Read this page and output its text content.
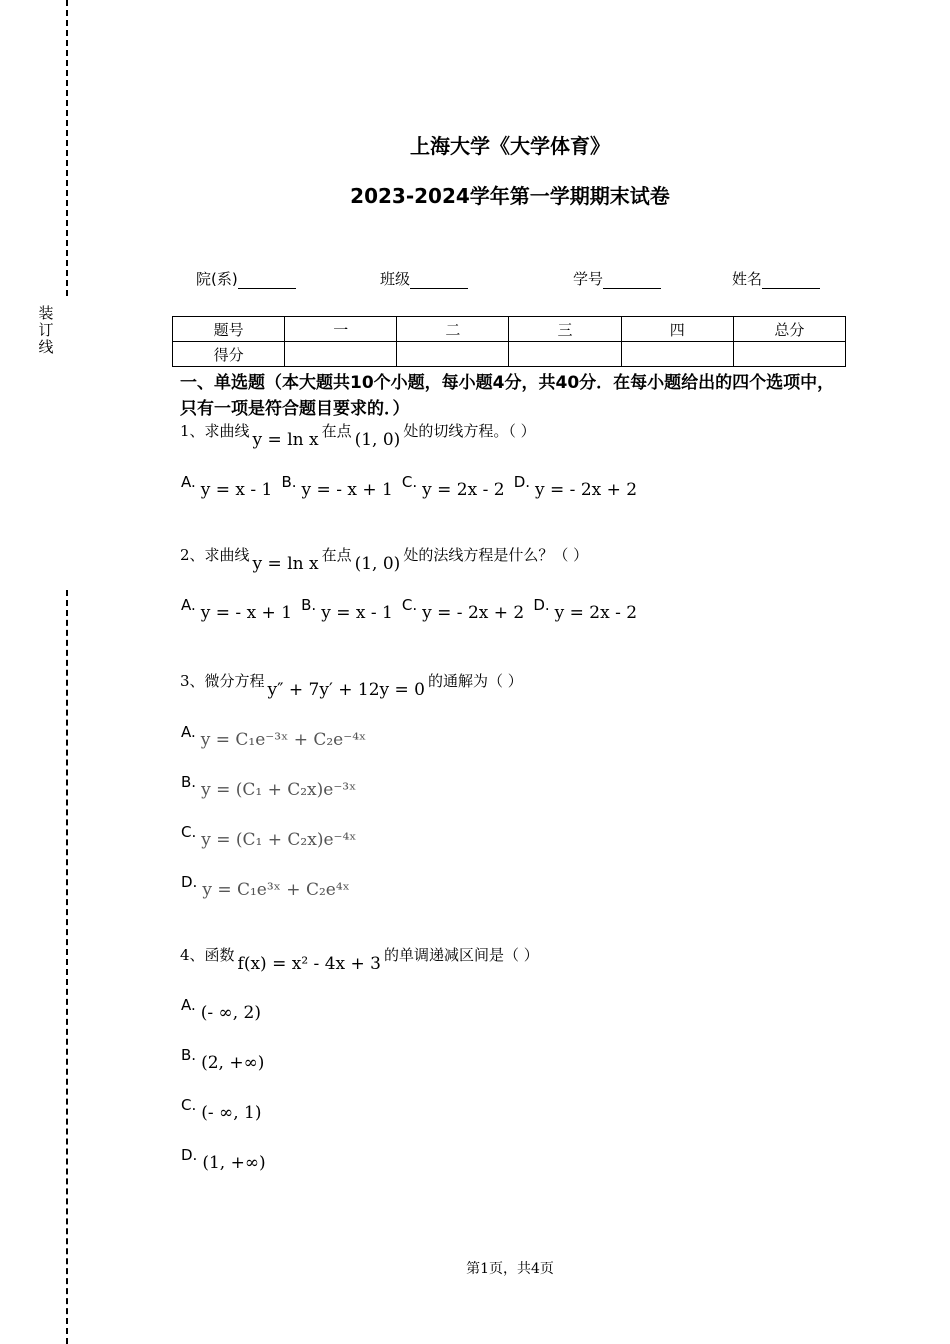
装订线
上海大学《大学体育》
2023-2024学年第一学期期末试卷
院(系)	班级	学号	姓名
题号	一	二	三	四	总分
得分					
一、单选题（本大题共10个小题，每小题4分，共40分．在每小题给出的四个选项中，只有一项是符合题目要求的．）
1、求曲线 y = ln x 在点 (1, 0) 处的切线方程。（ ）
A. y = x - 1 B. y = - x + 1 C. y = 2x - 2 D. y = - 2x + 2
2、求曲线 y = ln x 在点 (1, 0) 处的法线方程是什么？（ ）
A. y = - x + 1 B. y = x - 1 C. y = - 2x + 2 D. y = 2x - 2
3、微分方程 y″ + 7y′ + 12y = 0 的通解为（ ）
A. y = C₁e⁻³ˣ + C₂e⁻⁴ˣ
B. y = (C₁ + C₂x)e⁻³ˣ
C. y = (C₁ + C₂x)e⁻⁴ˣ
D. y = C₁e³ˣ + C₂e⁴ˣ
4、函数 f(x) = x² - 4x + 3 的单调递减区间是（ ）
A. (- ∞, 2)
B. (2, +∞)
C. (- ∞, 1)
D. (1, +∞)
第1页，共4页
